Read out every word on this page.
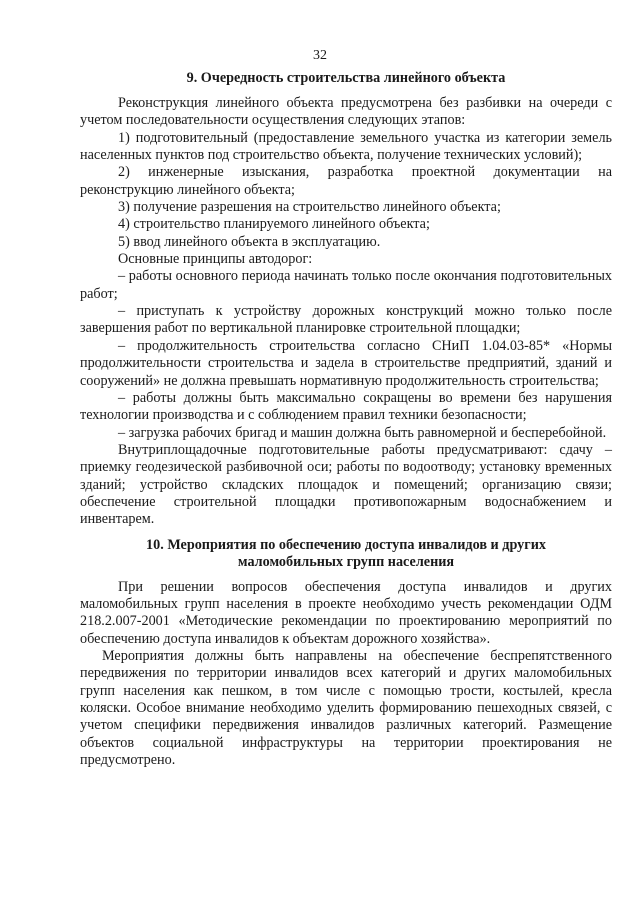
32
9. Очередность строительства линейного объекта

Реконструкция линейного объекта предусмотрена без разбивки на очереди с учетом последовательности осуществления следующих этапов:

1) подготовительный (предоставление земельного участка из категории земель населенных пунктов под строительство объекта, получение технических условий);

2) инженерные изыскания, разработка проектной документации на реконструкцию линейного объекта;

3) получение разрешения на строительство линейного объекта;

4) строительство планируемого линейного объекта;

5) ввод линейного объекта в эксплуатацию.

Основные принципы автодорог:

– работы основного периода начинать только после окончания подготовительных работ;

– приступать к устройству дорожных конструкций можно только после завершения работ по вертикальной планировке строительной площадки;

– продолжительность строительства согласно СНиП 1.04.03-85* «Нормы продолжительности строительства и задела в строительстве предприятий, зданий и сооружений» не должна превышать нормативную продолжительность строительства;

– работы должны быть максимально сокращены во времени без нарушения технологии производства и с соблюдением правил техники безопасности;

– загрузка рабочих бригад и машин должна быть равномерной и бесперебойной.

Внутриплощадочные подготовительные работы предусматривают: сдачу – приемку геодезической разбивочной оси; работы по водоотводу; установку временных зданий; устройство складских площадок и помещений; организацию связи; обеспечение строительной площадки противопожарным водоснабжением и инвентарем.

10. Мероприятия по обеспечению доступа инвалидов и других
маломобильных групп населения

При решении вопросов обеспечения доступа инвалидов и других маломобильных групп населения в проекте необходимо учесть рекомендации ОДМ 218.2.007-2001 «Методические рекомендации по проектированию мероприятий по обеспечению доступа инвалидов к объектам дорожного хозяйства».

Мероприятия должны быть направлены на обеспечение беспрепятственного передвижения по территории инвалидов всех категорий и других маломобильных групп населения как пешком, в том числе с помощью трости, костылей, кресла коляски. Особое внимание необходимо уделить формированию пешеходных связей, с учетом специфики передвижения инвалидов различных категорий. Размещение объектов социальной инфраструктуры на территории проектирования не предусмотрено.
